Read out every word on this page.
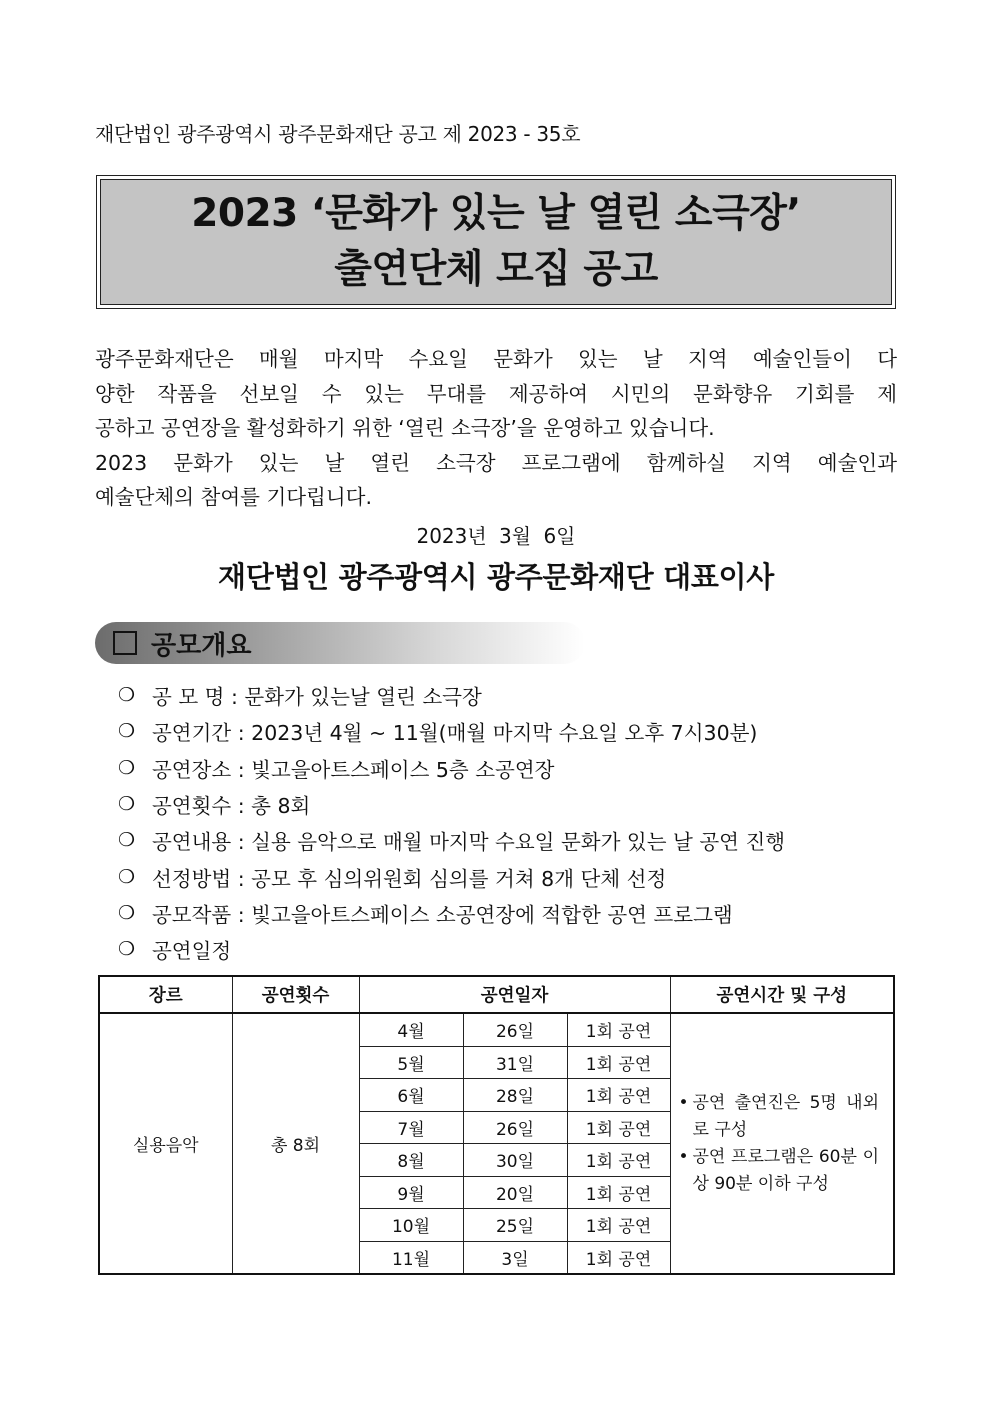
재단법인 광주광역시 광주문화재단 공고 제 2023 - 35호
2023 ‘문화가 있는 날 열린 소극장’
출연단체 모집 공고

광주문화재단은 매월 마지막 수요일 문화가 있는 날 지역 예술인들이 다

양한 작품을 선보일 수 있는 무대를 제공하여 시민의 문화향유 기회를 제

공하고 공연장을 활성화하기 위한 ‘열린 소극장’을 운영하고 있습니다.

2023 문화가 있는 날 열린 소극장 프로그램에 함께하실 지역 예술인과

예술단체의 참여를 기다립니다.

2023년 3월 6일
재단법인 광주광역시 광주문화재단 대표이사
공모개요
❍ 공 모 명 : 문화가 있는날 열린 소극장
❍ 공연기간 : 2023년 4월 ~ 11월(매월 마지막 수요일 오후 7시30분)
❍ 공연장소 : 빛고을아트스페이스 5층 소공연장
❍ 공연횟수 : 총 8회
❍ 공연내용 : 실용 음악으로 매월 마지막 수요일 문화가 있는 날 공연 진행
❍ 선정방법 : 공모 후 심의위원회 심의를 거쳐 8개 단체 선정
❍ 공모작품 : 빛고을아트스페이스 소공연장에 적합한 공연 프로그램
❍ 공연일정
장르	공연횟수	공연일자			공연시간 및 구성
실용음악	총 8회	4월	26일	1회 공연	• 공연 출연진은 5명 내외로 구성
• 공연 프로그램은 60분 이상 90분 이하 구성

		5월	31일	1회 공연	
		6월	28일	1회 공연	
		7월	26일	1회 공연	
		8월	30일	1회 공연	
		9월	20일	1회 공연	
		10월	25일	1회 공연	
		11월	3일	1회 공연	
